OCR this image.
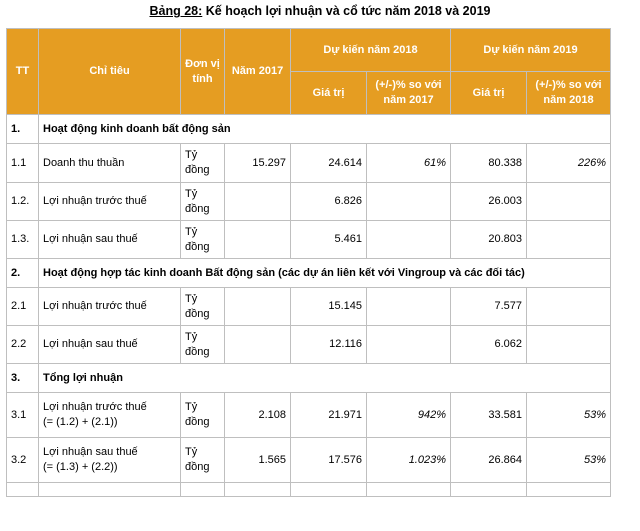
Bảng 28: Kế hoạch lợi nhuận và cổ tức năm 2018 và 2019
TT	Chỉ tiêu	Đơn vị tính	Năm 2017	Dự kiến năm 2018		Dự kiến năm 2019	
				Giá trị	(+/-)% so với năm 2017	Giá trị	(+/-)% so với năm 2018
1.	Hoạt động kinh doanh bất động sản						
1.1	Doanh thu thuần	Tỷ đồng	15.297	24.614	61%	80.338	226%
1.2.	Lợi nhuận trước thuế	Tỷ đồng		6.826		26.003	
1.3.	Lợi nhuận sau thuế	Tỷ đồng		5.461		20.803	
2.	Hoạt động hợp tác kinh doanh Bất động sản (các dự án liên kết với Vingroup và các đối tác)						
2.1	Lợi nhuận trước thuế	Tỷ đồng		15.145		7.577	
2.2	Lợi nhuận sau thuế	Tỷ đồng		12.116		6.062	
3.	Tổng lợi nhuận						
3.1	Lợi nhuận trước thuế
(= (1.2) + (2.1))	Tỷ đồng	2.108	21.971	942%	33.581	53%
3.2	Lợi nhuận sau thuế
(= (1.3) + (2.2))	Tỷ đồng	1.565	17.576	1.023%	26.864	53%
